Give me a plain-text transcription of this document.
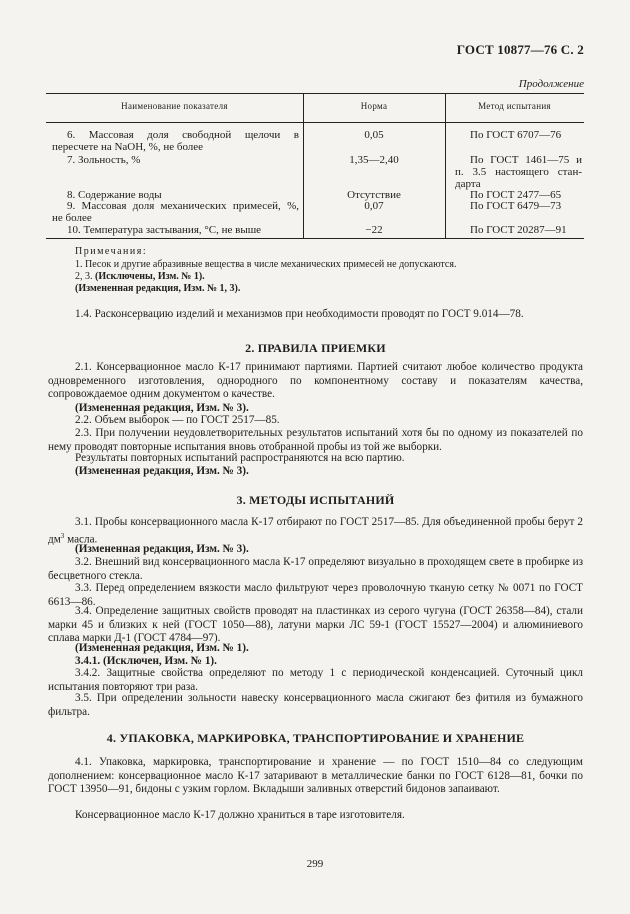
ГОСТ 10877—76 С. 2
Продолжение
Наименование показателя	Норма	Метод испытания
6. Массовая доля свободной щелочи в
пересчете на NaOH, %, не более
0,05	По ГОСТ 6707—76
7. Зольность, %	1,35—2,40	По ГОСТ 1461—75 и
п. 3.5 настоящего стан-
дарта
8. Содержание воды	Отсутствие	По ГОСТ 2477—65
9. Массовая доля механических примесей, %,
не более
0,07	По ГОСТ 6479—73
10. Температура застывания, °С, не выше	−22	По ГОСТ 20287—91
Примечания:
1. Песок и другие абразивные вещества в числе механических примесей не допускаются.
2, 3. (Исключены, Изм. № 1).
(Измененная редакция, Изм. № 1, 3).
1.4. Расконсервацию изделий и механизмов при необходимости проводят по ГОСТ 9.014—78.
2. ПРАВИЛА ПРИЕМКИ
2.1. Консервационное масло К-17 принимают партиями. Партией считают любое количество продукта одновременного изготовления, однородного по компонентному составу и показателям качества, сопровождаемое одним документом о качестве.
(Измененная редакция, Изм. № 3).
2.2. Объем выборок — по ГОСТ 2517—85.
2.3. При получении неудовлетворительных результатов испытаний хотя бы по одному из показателей по нему проводят повторные испытания вновь отобранной пробы из той же выборки.
Результаты повторных испытаний распространяются на всю партию.
(Измененная редакция, Изм. № 3).
3. МЕТОДЫ ИСПЫТАНИЙ
3.1. Пробы консервационного масла К-17 отбирают по ГОСТ 2517—85. Для объединенной пробы берут 2 $дм^3$ масла.
(Измененная редакция, Изм. № 3).
3.2. Внешний вид консервационного масла К-17 определяют визуально в проходящем свете в пробирке из бесцветного стекла.
3.3. Перед определением вязкости масло фильтруют через проволочную тканую сетку № 0071 по ГОСТ 6613—86.
3.4. Определение защитных свойств проводят на пластинках из серого чугуна (ГОСТ 26358—84), стали марки 45 и близких к ней (ГОСТ 1050—88), латуни марки ЛС 59-1 (ГОСТ 15527—2004) и алюминиевого сплава марки Д-1 (ГОСТ 4784—97).
(Измененная редакция, Изм. № 1).
3.4.1. (Исключен, Изм. № 1).
3.4.2. Защитные свойства определяют по методу 1 с периодической конденсацией. Суточный цикл испытания повторяют три раза.
3.5. При определении зольности навеску консервационного масла сжигают без фитиля из бумажного фильтра.
4. УПАКОВКА, МАРКИРОВКА, ТРАНСПОРТИРОВАНИЕ И ХРАНЕНИЕ
4.1. Упаковка, маркировка, транспортирование и хранение — по ГОСТ 1510—84 со следующим дополнением: консервационное масло К-17 затаривают в металлические банки по ГОСТ 6128—81, бочки по ГОСТ 13950—91, бидоны с узким горлом. Вкладыши заливных отверстий бидонов запаивают.
Консервационное масло К-17 должно храниться в таре изготовителя.
299
